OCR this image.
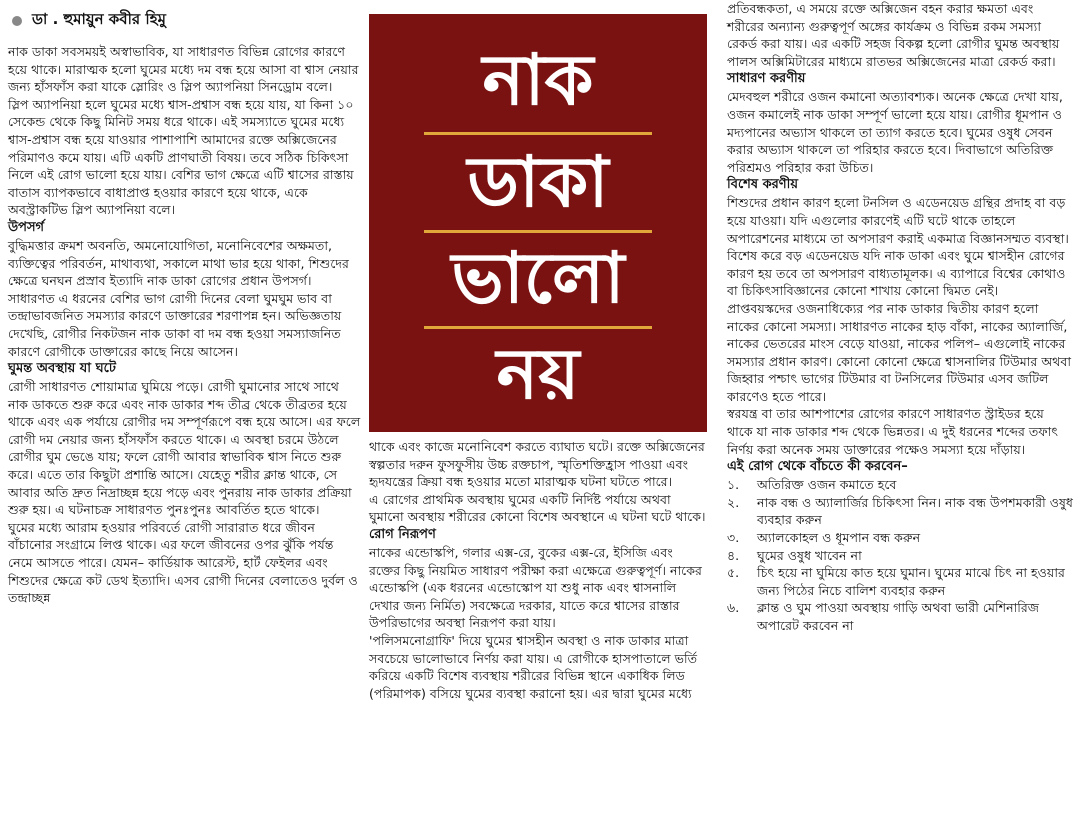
ডা . হুমায়ুন কবীর হিমু

নাক ডাকা সবসময়ই অস্বাভাবিক, যা সাধারণত বিভিন্ন রোগের কারণে হয়ে থাকে। মারাত্মক হলো ঘুমের মধ্যে দম বন্ধ হয়ে আসা বা শ্বাস নেয়ার জন্য হাঁসফাঁস করা যাকে স্লোরিং ও স্লিপ অ্যাপনিয়া সিনড্রোম বলে।

স্লিপ অ্যাপনিয়া হলে ঘুমের মধ্যে শ্বাস-প্রশ্বাস বন্ধ হয়ে যায়, যা কিনা ১০ সেকেন্ড থেকে কিছু মিনিট সময় ধরে থাকে। এই সমস্যাতে ঘুমের মধ্যে শ্বাস-প্রশ্বাস বন্ধ হয়ে যাওয়ার পাশাপাশি আমাদের রক্তে অক্সিজেনের পরিমাণও কমে যায়। এটি একটি প্রাণঘাতী বিষয়। তবে সঠিক চিকিৎসা নিলে এই রোগ ভালো হয়ে যায়। বেশির ভাগ ক্ষেত্রে এটি শ্বাসের রাস্তায় বাতাস ব্যাপকভাবে বাধাপ্রাপ্ত হওয়ার কারণে হয়ে থাকে, একে অবস্ট্রাকটিভ স্লিপ অ্যাপনিয়া বলে।

উপসর্গ

বুদ্ধিমত্তার ক্রমশ অবনতি, অমনোযোগিতা, মনোনিবেশের অক্ষমতা, ব্যক্তিত্বের পরিবর্তন, মাথাব্যথা, সকালে মাথা ভার হয়ে থাকা, শিশুদের ক্ষেত্রে ঘনঘন প্রস্রাব ইত্যাদি নাক ডাকা রোগের প্রধান উপসর্গ। সাধারণত এ ধরনের বেশির ভাগ রোগী দিনের বেলা ঘুমঘুম ভাব বা তন্দ্রাভাবজনিত সমস্যার কারণে ডাক্তারের শরণাপন্ন হন। অভিজ্ঞতায় দেখেছি, রোগীর নিকটজন নাক ডাকা বা দম বন্ধ হওয়া সমস্যাজনিত কারণে রোগীকে ডাক্তারের কাছে নিয়ে আসেন।

ঘুমন্ত অবস্থায় যা ঘটে

রোগী সাধারণত শোয়ামাত্র ঘুমিয়ে পড়ে। রোগী ঘুমানোর সাথে সাথে নাক ডাকতে শুরু করে এবং নাক ডাকার শব্দ তীব্র থেকে তীব্রতর হয়ে থাকে এবং এক পর্যায়ে রোগীর দম সম্পূর্ণরূপে বন্ধ হয়ে আসে। এর ফলে রোগী দম নেয়ার জন্য হাঁসফাঁস করতে থাকে। এ অবস্থা চরমে উঠলে রোগীর ঘুম ভেঙে যায়; ফলে রোগী আবার স্বাভাবিক শ্বাস নিতে শুরু করে। এতে তার কিছুটা প্রশান্তি আসে। যেহেতু শরীর ক্লান্ত থাকে, সে আবার অতি দ্রুত নিদ্রাচ্ছন্ন হয়ে পড়ে এবং পুনরায় নাক ডাকার প্রক্রিয়া শুরু হয়। এ ঘটনাচক্র সাধারণত পুনঃপুনঃ আবর্তিত হতে থাকে।

ঘুমের মধ্যে আরাম হওয়ার পরিবর্তে রোগী সারারাত ধরে জীবন বাঁচানোর সংগ্রামে লিপ্ত থাকে। এর ফলে জীবনের ওপর ঝুঁকি পর্যন্ত নেমে আসতে পারে। যেমন– কার্ডিয়াক আরেস্ট, হার্ট ফেইলর এবং শিশুদের ক্ষেত্রে কট ডেথ ইত্যাদি। এসব রোগী দিনের বেলাতেও দুর্বল ও তন্দ্রাচ্ছন্ন

নাক
ডাকা
ভালো
নয়

থাকে এবং কাজে মনোনিবেশ করতে ব্যাঘাত ঘটে। রক্তে অক্সিজেনের স্বল্পতার দরুন ফুসফুসীয় উচ্চ রক্তচাপ, স্মৃতিশক্তিহ্রাস পাওয়া এবং হৃদযন্ত্রের ক্রিয়া বন্ধ হওয়ার মতো মারাত্মক ঘটনা ঘটতে পারে।

এ রোগের প্রাথমিক অবস্থায় ঘুমের একটি নির্দিষ্ট পর্যায়ে অথবা ঘুমানো অবস্থায় শরীরের কোনো বিশেষ অবস্থানে এ ঘটনা ঘটে থাকে।

রোগ নিরূপণ

নাকের এন্ডোস্কপি, গলার এক্স-রে, বুকের এক্স-রে, ইসিজি এবং রক্তের কিছু নিয়মিত সাধারণ পরীক্ষা করা এক্ষেত্রে গুরুত্বপূর্ণ। নাকের এন্ডোস্কপি (এক ধরনের এন্ডোস্কোপ যা শুধু নাক এবং শ্বাসনালি দেখার জন্য নির্মিত) সবক্ষেত্রে দরকার, যাতে করে শ্বাসের রাস্তার উপরিভাগের অবস্থা নিরূপণ করা যায়।

'পলিসমনোগ্রাফি' দিয়ে ঘুমের শ্বাসহীন অবস্থা ও নাক ডাকার মাত্রা সবচেয়ে ভালোভাবে নির্ণয় করা যায়। এ রোগীকে হাসপাতালে ভর্তি করিয়ে একটি বিশেষ ব্যবস্থায় শরীরের বিভিন্ন স্থানে একাধিক লিড (পরিমাপক) বসিয়ে ঘুমের ব্যবস্থা করানো হয়। এর দ্বারা ঘুমের মধ্যে

প্রতিবন্ধকতা, এ সময়ে রক্তে অক্সিজেন বহন করার ক্ষমতা এবং শরীরের অন্যান্য গুরুত্বপূর্ণ অঙ্গের কার্যক্রম ও বিভিন্ন রকম সমস্যা রেকর্ড করা যায়। এর একটি সহজ বিকল্প হলো রোগীর ঘুমন্ত অবস্থায় পালস অক্সিমিটারের মাধ্যমে রাতভর অক্সিজেনের মাত্রা রেকর্ড করা।

সাধারণ করণীয়

মেদবহুল শরীরে ওজন কমানো অত্যাবশ্যক। অনেক ক্ষেত্রে দেখা যায়, ওজন কমালেই নাক ডাকা সম্পূর্ণ ভালো হয়ে যায়। রোগীর ধূমপান ও মদ্যপানের অভ্যাস থাকলে তা ত্যাগ করতে হবে। ঘুমের ওষুধ সেবন করার অভ্যাস থাকলে তা পরিহার করতে হবে। দিবাভাগে অতিরিক্ত পরিশ্রমও পরিহার করা উচিত।

বিশেষ করণীয়

শিশুদের প্রধান কারণ হলো টনসিল ও এডেনয়েড গ্রন্থির প্রদাহ বা বড় হয়ে যাওয়া। যদি এগুলোর কারণেই এটি ঘটে থাকে তাহলে অপারেশনের মাধ্যমে তা অপসারণ করাই একমাত্র বিজ্ঞানসম্মত ব্যবস্থা। বিশেষ করে বড় এডেনয়েড যদি নাক ডাকা এবং ঘুমে শ্বাসহীন রোগের কারণ হয় তবে তা অপসারণ বাধ্যতামূলক। এ ব্যাপারে বিশ্বের কোথাও বা চিকিৎসাবিজ্ঞানের কোনো শাখায় কোনো দ্বিমত নেই।

প্রাপ্তবয়স্কদের ওজনাধিক্যের পর নাক ডাকার দ্বিতীয় কারণ হলো নাকের কোনো সমস্যা। সাধারণত নাকের হাড় বাঁকা, নাকের অ্যালার্জি, নাকের ভেতরের মাংস বেড়ে যাওয়া, নাকের পলিপ– এগুলোই নাকের সমস্যার প্রধান কারণ। কোনো কোনো ক্ষেত্রে শ্বাসনালির টিউমার অথবা জিহ্বার পশ্চাৎ ভাগের টিউমার বা টনসিলের টিউমার এসব জটিল কারণেও হতে পারে।

স্বরযন্ত্র বা তার আশপাশের রোগের কারণে সাধারণত স্ট্রাইডর হয়ে থাকে যা নাক ডাকার শব্দ থেকে ভিন্নতর। এ দুই ধরনের শব্দের তফাৎ নির্ণয় করা অনেক সময় ডাক্তারের পক্ষেও সমস্যা হয়ে দাঁড়ায়।

এই রোগ থেকে বাঁচতে কী করবেন–
১.	অতিরিক্ত ওজন কমাতে হবে
২.	নাক বন্ধ ও অ্যালার্জির চিকিৎসা নিন। নাক বন্ধ উপশমকারী ওষুধ ব্যবহার করুন
৩.	অ্যালকোহল ও ধূমপান বন্ধ করুন
৪.	ঘুমের ওষুধ খাবেন না
৫.	চিৎ হয়ে না ঘুমিয়ে কাত হয়ে ঘুমান। ঘুমের মাঝে চিৎ না হওয়ার জন্য পিঠের নিচে বালিশ ব্যবহার করুন
৬.	ক্লান্ত ও ঘুম পাওয়া অবস্থায় গাড়ি অথবা ভারী মেশিনারিজ অপারেট করবেন না
